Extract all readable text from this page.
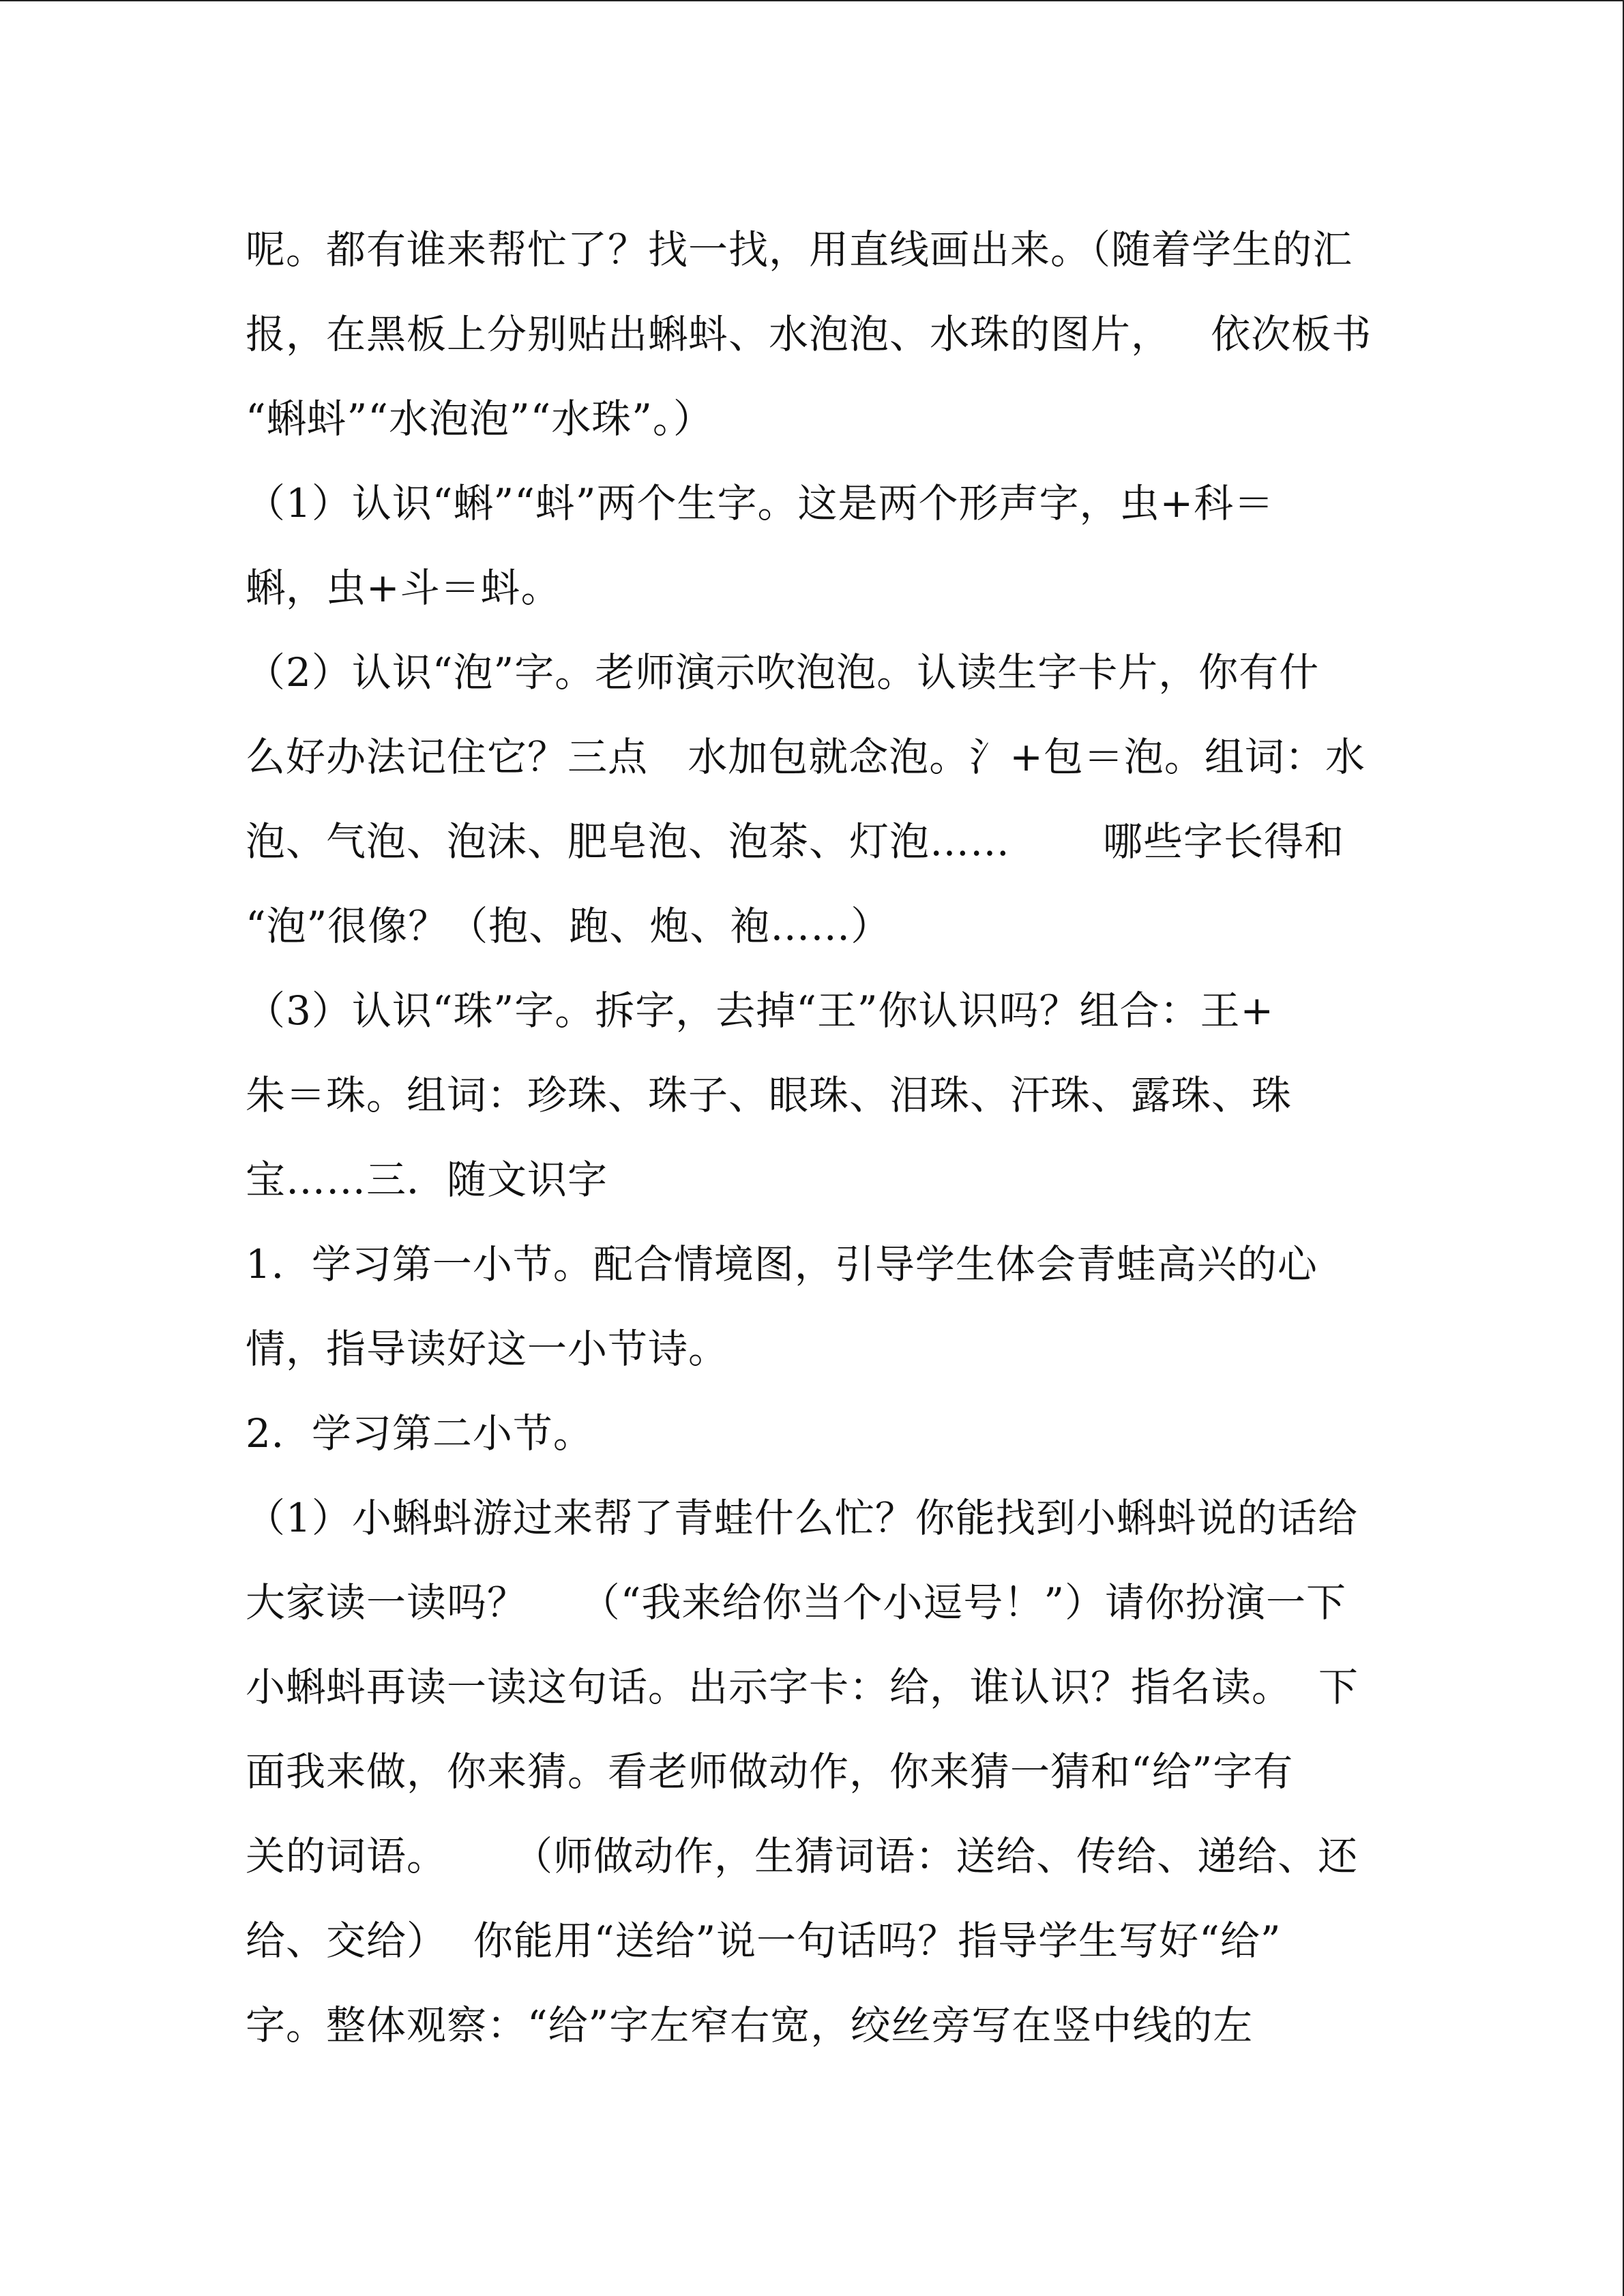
呢。都有谁来帮忙了？找一找，用直线画出来。（随着学生的汇
报，在黑板上分别贴出蝌蚪、水泡泡、水珠的图片，   依次板书
“蝌蚪”“水泡泡”“水珠”。）
（1）认识“蝌”“蚪”两个生字。这是两个形声字，虫+科＝
蝌，虫+斗＝蚪。
（2）认识“泡”字。老师演示吹泡泡。认读生字卡片，你有什
么好办法记住它？三点   水加包就念泡。氵+包＝泡。组词：水
泡、气泡、泡沫、肥皂泡、泡茶、灯泡……       哪些字长得和
“泡”很像？（抱、跑、炮、袍……）
（3）认识“珠”字。拆字，去掉“王”你认识吗？组合：王+
朱＝珠。组词：珍珠、珠子、眼珠、泪珠、汗珠、露珠、珠
宝……三．随文识字
1．学习第一小节。配合情境图，引导学生体会青蛙高兴的心
情，指导读好这一小节诗。
2．学习第二小节。
（1）小蝌蚪游过来帮了青蛙什么忙？你能找到小蝌蚪说的话给
大家读一读吗？    （“我来给你当个小逗号！”）请你扮演一下
小蝌蚪再读一读这句话。出示字卡：给，谁认识？指名读。  下
面我来做，你来猜。看老师做动作，你来猜一猜和“给”字有
关的词语。     （师做动作，生猜词语：送给、传给、递给、还
给、交给）  你能用“送给”说一句话吗？指导学生写好“给”
字。整体观察：“给”字左窄右宽，绞丝旁写在竖中线的左
